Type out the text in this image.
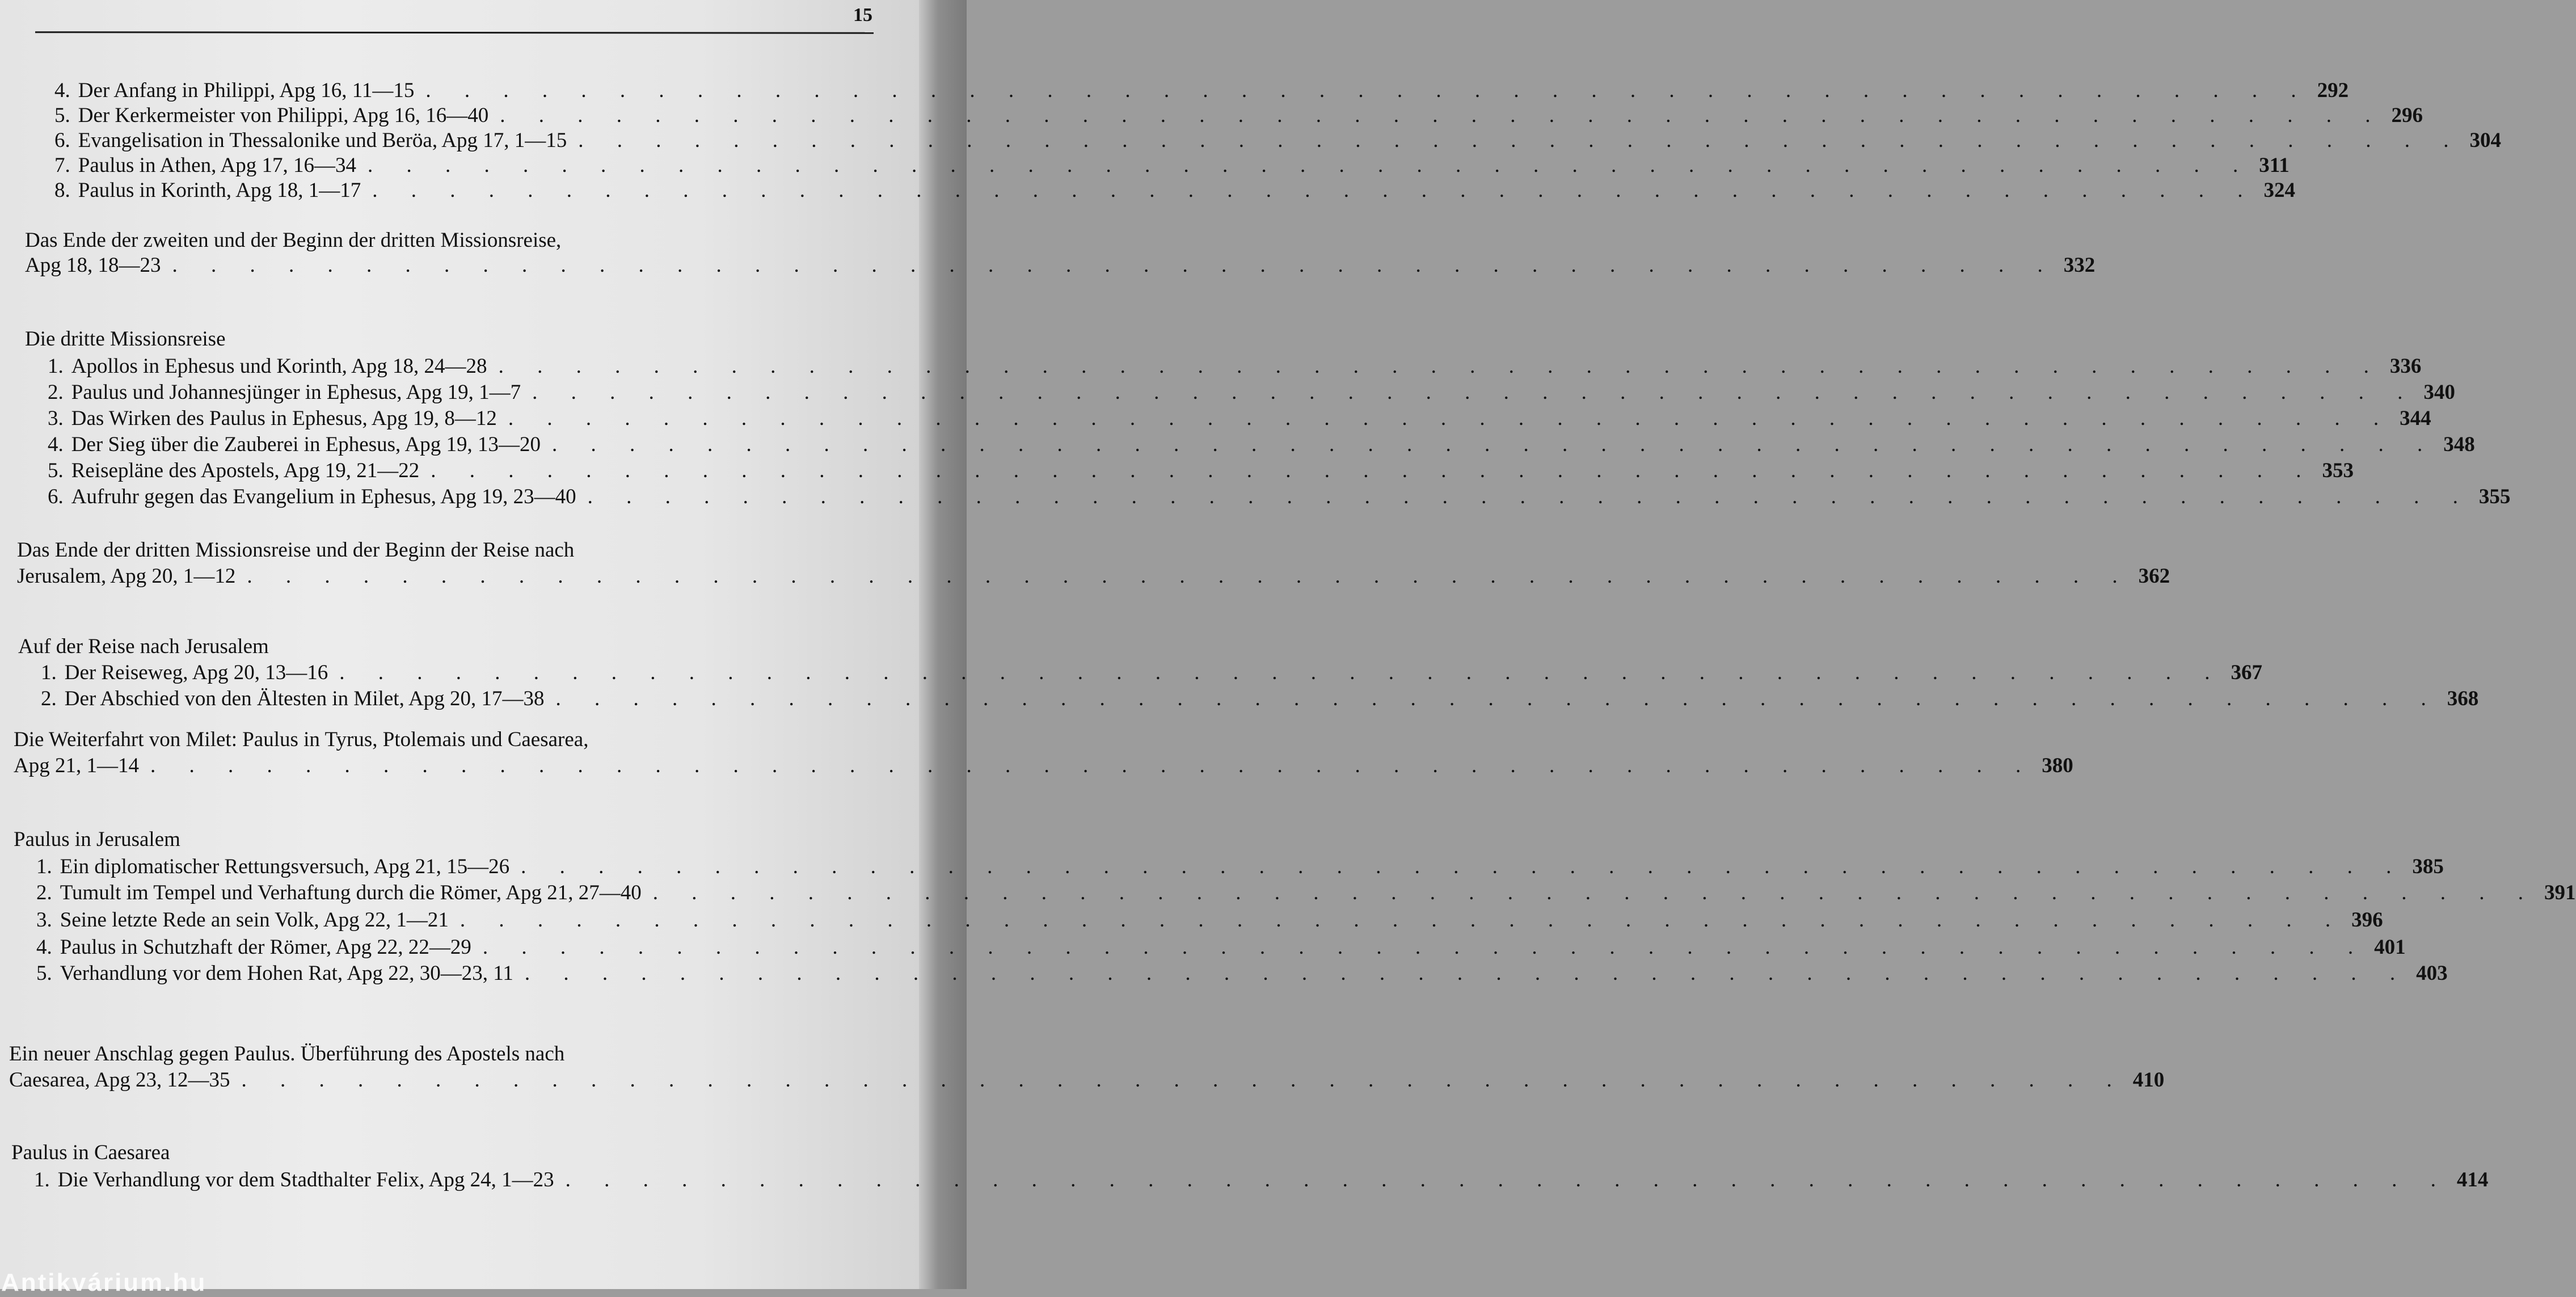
15
4. Der Anfang in Philippi, Apg 16, 11—15 . . . . . . . . . . . . . . . . . . . . . . . . . . . . . . . . . . . . . . . . . . . . . . . . . 292
5. Der Kerkermeister von Philippi, Apg 16, 16—40 . . . . . . . . . . . . . . . . . . . . . . . . . . . . . . . . . . . . . . . . . . . . . . . . . 296
6. Evangelisation in Thessalonike und Beröa, Apg 17, 1—15 . . . . . . . . . . . . . . . . . . . . . . . . . . . . . . . . . . . . . . . . . . . . . . . . . 304
7. Paulus in Athen, Apg 17, 16—34 . . . . . . . . . . . . . . . . . . . . . . . . . . . . . . . . . . . . . . . . . . . . . . . . . 311
8. Paulus in Korinth, Apg 18, 1—17 . . . . . . . . . . . . . . . . . . . . . . . . . . . . . . . . . . . . . . . . . . . . . . . . . 324
Das Ende der zweiten und der Beginn der dritten Missionsreise,
Apg 18, 18—23 . . . . . . . . . . . . . . . . . . . . . . . . . . . . . . . . . . . . . . . . . . . . . . . . . 332
Die dritte Missionsreise
1. Apollos in Ephesus und Korinth, Apg 18, 24—28 . . . . . . . . . . . . . . . . . . . . . . . . . . . . . . . . . . . . . . . . . . . . . . . . . 336
2. Paulus und Johannesjünger in Ephesus, Apg 19, 1—7 . . . . . . . . . . . . . . . . . . . . . . . . . . . . . . . . . . . . . . . . . . . . . . . . . 340
3. Das Wirken des Paulus in Ephesus, Apg 19, 8—12 . . . . . . . . . . . . . . . . . . . . . . . . . . . . . . . . . . . . . . . . . . . . . . . . . 344
4. Der Sieg über die Zauberei in Ephesus, Apg 19, 13—20 . . . . . . . . . . . . . . . . . . . . . . . . . . . . . . . . . . . . . . . . . . . . . . . . . 348
5. Reisepläne des Apostels, Apg 19, 21—22 . . . . . . . . . . . . . . . . . . . . . . . . . . . . . . . . . . . . . . . . . . . . . . . . . 353
6. Aufruhr gegen das Evangelium in Ephesus, Apg 19, 23—40 . . . . . . . . . . . . . . . . . . . . . . . . . . . . . . . . . . . . . . . . . . . . . . . . . 355
Das Ende der dritten Missionsreise und der Beginn der Reise nach
Jerusalem, Apg 20, 1—12 . . . . . . . . . . . . . . . . . . . . . . . . . . . . . . . . . . . . . . . . . . . . . . . . . 362
Auf der Reise nach Jerusalem
1. Der Reiseweg, Apg 20, 13—16 . . . . . . . . . . . . . . . . . . . . . . . . . . . . . . . . . . . . . . . . . . . . . . . . . 367
2. Der Abschied von den Ältesten in Milet, Apg 20, 17—38 . . . . . . . . . . . . . . . . . . . . . . . . . . . . . . . . . . . . . . . . . . . . . . . . . 368
Die Weiterfahrt von Milet: Paulus in Tyrus, Ptolemais und Caesarea,
Apg 21, 1—14 . . . . . . . . . . . . . . . . . . . . . . . . . . . . . . . . . . . . . . . . . . . . . . . . . 380
Paulus in Jerusalem
1. Ein diplomatischer Rettungsversuch, Apg 21, 15—26 . . . . . . . . . . . . . . . . . . . . . . . . . . . . . . . . . . . . . . . . . . . . . . . . . 385
2. Tumult im Tempel und Verhaftung durch die Römer, Apg 21, 27—40 . . . . . . . . . . . . . . . . . . . . . . . . . . . . . . . . . . . . . . . . . . . . . . . . . 391
3. Seine letzte Rede an sein Volk, Apg 22, 1—21 . . . . . . . . . . . . . . . . . . . . . . . . . . . . . . . . . . . . . . . . . . . . . . . . . 396
4. Paulus in Schutzhaft der Römer, Apg 22, 22—29 . . . . . . . . . . . . . . . . . . . . . . . . . . . . . . . . . . . . . . . . . . . . . . . . . 401
5. Verhandlung vor dem Hohen Rat, Apg 22, 30—23, 11 . . . . . . . . . . . . . . . . . . . . . . . . . . . . . . . . . . . . . . . . . . . . . . . . . 403
Ein neuer Anschlag gegen Paulus. Überführung des Apostels nach
Caesarea, Apg 23, 12—35 . . . . . . . . . . . . . . . . . . . . . . . . . . . . . . . . . . . . . . . . . . . . . . . . . 410
Paulus in Caesarea
1. Die Verhandlung vor dem Stadthalter Felix, Apg 24, 1—23 . . . . . . . . . . . . . . . . . . . . . . . . . . . . . . . . . . . . . . . . . . . . . . . . . 414
Antikvárium.hu
